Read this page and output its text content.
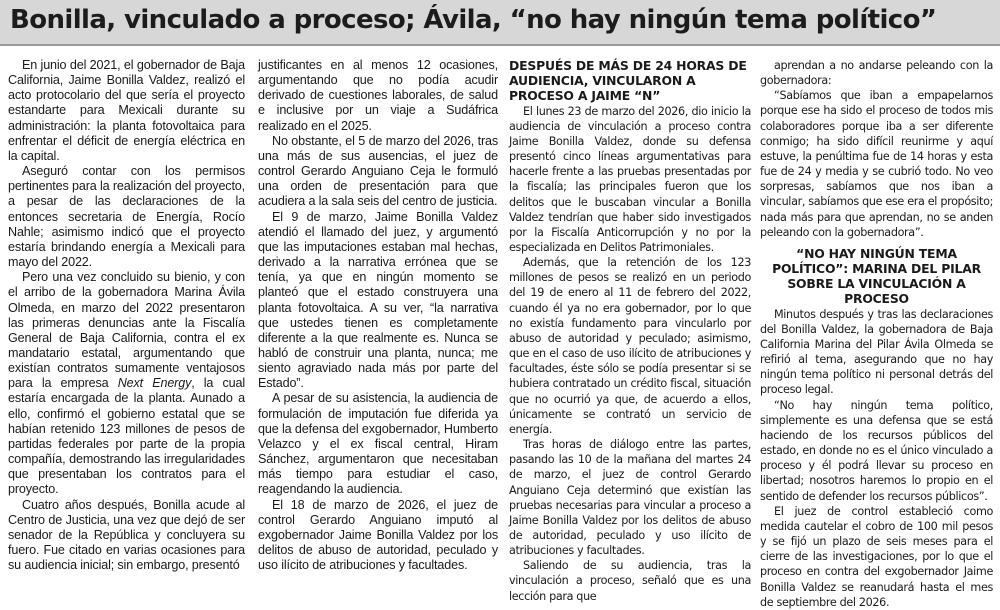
Bonilla, vinculado a proceso; Ávila, “no hay ningún tema político”

En junio del 2021, el gobernador de Baja California, Jaime Bonilla Valdez, realizó el acto protocolario del que sería el proyecto estandarte para Mexicali durante su administración: la planta fotovoltaica para enfrentar el déficit de energía eléctrica en la capital.

Aseguró contar con los permisos pertinentes para la realización del proyecto, a pesar de las declaraciones de la entonces secretaria de Energía, Rocío Nahle; asimismo indicó que el proyecto estaría brindando energía a Mexicali para mayo del 2022.

Pero una vez concluido su bienio, y con el arribo de la gobernadora Marina Ávila Olmeda, en marzo del 2022 presentaron las primeras denuncias ante la Fiscalía General de Baja California, contra el ex mandatario estatal, argumentando que existían contratos sumamente ventajosos para la empresa Next Energy, la cual estaría encargada de la planta. Aunado a ello, confirmó el gobierno estatal que se habían retenido 123 millones de pesos de partidas federales por parte de la propia compañía, demostrando las irregularidades que presentaban los contratos para el proyecto.

Cuatro años después, Bonilla acude al Centro de Justicia, una vez que dejó de ser senador de la República y concluyera su fuero. Fue citado en varias ocasiones para su audiencia inicial; sin embargo, presentó

justificantes en al menos 12 ocasiones, argumentando que no podía acudir derivado de cuestiones laborales, de salud e inclusive por un viaje a Sudáfrica realizado en el 2025.

No obstante, el 5 de marzo del 2026, tras una más de sus ausencias, el juez de control Gerardo Anguiano Ceja le formuló una orden de presentación para que acudiera a la sala seis del centro de justicia.

El 9 de marzo, Jaime Bonilla Valdez atendió el llamado del juez, y argumentó que las imputaciones estaban mal hechas, derivado a la narrativa errónea que se tenía, ya que en ningún momento se planteó que el estado construyera una planta fotovoltaica. A su ver, “la narrativa que ustedes tienen es completamente diferente a la que realmente es. Nunca se habló de construir una planta, nunca; me siento agraviado nada más por parte del Estado”.

A pesar de su asistencia, la audiencia de formulación de imputación fue diferida ya que la defensa del exgobernador, Humberto Velazco y el ex fiscal central, Hiram Sánchez, argumentaron que necesitaban más tiempo para estudiar el caso, reagendando la audiencia.

El 18 de marzo de 2026, el juez de control Gerardo Anguiano imputó al exgobernador Jaime Bonilla Valdez por los delitos de abuso de autoridad, peculado y uso ilícito de atribuciones y facultades.

DESPUÉS DE MÁS DE 24 HORAS DE AUDIENCIA, VINCULARON A PROCESO A JAIME “N”

El lunes 23 de marzo del 2026, dio inicio la audiencia de vinculación a proceso contra Jaime Bonilla Valdez, donde su defensa presentó cinco líneas argumentativas para hacerle frente a las pruebas presentadas por la fiscalía; las principales fueron que los delitos que le buscaban vincular a Bonilla Valdez tendrían que haber sido investigados por la Fiscalía Anticorrupción y no por la especializada en Delitos Patrimoniales.

Además, que la retención de los 123 millones de pesos se realizó en un periodo del 19 de enero al 11 de febrero del 2022, cuando él ya no era gobernador, por lo que no existía fundamento para vincularlo por abuso de autoridad y peculado; asimismo, que en el caso de uso ilícito de atribuciones y facultades, éste sólo se podía presentar si se hubiera contratado un crédito fiscal, situación que no ocurrió ya que, de acuerdo a ellos, únicamente se contrató un servicio de energía.

Tras horas de diálogo entre las partes, pasando las 10 de la mañana del martes 24 de marzo, el juez de control Gerardo Anguiano Ceja determinó que existían las pruebas necesarias para vincular a proceso a Jaime Bonilla Valdez por los delitos de abuso de autoridad, peculado y uso ilícito de atribuciones y facultades.

Saliendo de su audiencia, tras la vinculación a proceso, señaló que es una lección para que

aprendan a no andarse peleando con la gobernadora:

“Sabíamos que iban a empapelarnos porque ese ha sido el proceso de todos mis colaboradores porque iba a ser diferente conmigo; ha sido difícil reunirme y aquí estuve, la penúltima fue de 14 horas y esta fue de 24 y media y se cubrió todo. No veo sorpresas, sabíamos que nos iban a vincular, sabíamos que ese era el propósito; nada más para que aprendan, no se anden peleando con la gobernadora”.

“NO HAY NINGÚN TEMA POLÍTICO”: MARINA DEL PILAR SOBRE LA VINCULACIÓN A PROCESO

Minutos después y tras las declaraciones del Bonilla Valdez, la gobernadora de Baja California Marina del Pilar Ávila Olmeda se refirió al tema, asegurando que no hay ningún tema político ni personal detrás del proceso legal.

“No hay ningún tema político, simplemente es una defensa que se está haciendo de los recursos públicos del estado, en donde no es el único vinculado a proceso y él podrá llevar su proceso en libertad; nosotros haremos lo propio en el sentido de defender los recursos públicos”.

El juez de control estableció como medida cautelar el cobro de 100 mil pesos y se fijó un plazo de seis meses para el cierre de las investigaciones, por lo que el proceso en contra del exgobernador Jaime Bonilla Valdez se reanudará hasta el mes de septiembre del 2026.
